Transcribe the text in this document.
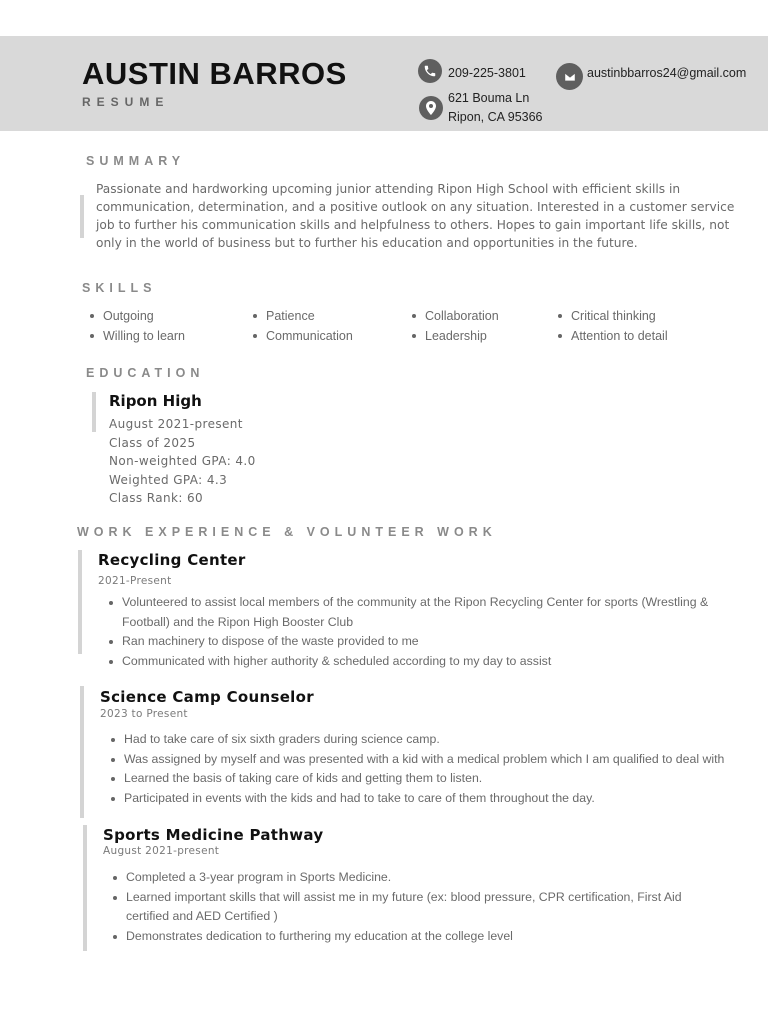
AUSTIN BARROS
RESUME
209-225-3801	austinbbarros24@gmail.com
621 Bouma Ln
Ripon, CA 95366
SUMMARY
Passionate and hardworking upcoming junior attending Ripon High School with efficient skills in communication, determination, and a positive outlook on any situation. Interested in a customer service job to further his communication skills and helpfulness to others. Hopes to gain important life skills, not only in the world of business but to further his education and opportunities in the future.
SKILLS
Outgoing
Willing to learn
Patience
Communication
Collaboration
Leadership
Critical thinking
Attention to detail
EDUCATION
Ripon High
August 2021-present
Class of 2025
Non-weighted GPA: 4.0
Weighted GPA: 4.3
Class Rank: 60
WORK EXPERIENCE & VOLUNTEER WORK
Recycling Center
2021-Present
Volunteered to assist local members of the community at the Ripon Recycling Center for sports (Wrestling & Football) and the Ripon High Booster Club
Ran machinery to dispose of the waste provided to me
Communicated with higher authority & scheduled according to my day to assist
Science Camp Counselor
2023 to Present
Had to take care of six sixth graders during science camp.
Was assigned by myself and was presented with a kid with a medical problem which I am qualified to deal with
Learned the basis of taking care of kids and getting them to listen.
Participated in events with the kids and had to take to care of them throughout the day.
Sports Medicine Pathway
August 2021-present
Completed a 3-year program in Sports Medicine.
Learned important skills that will assist me in my future (ex: blood pressure, CPR certification, First Aid certified and AED Certified )
Demonstrates dedication to furthering my education at the college level
